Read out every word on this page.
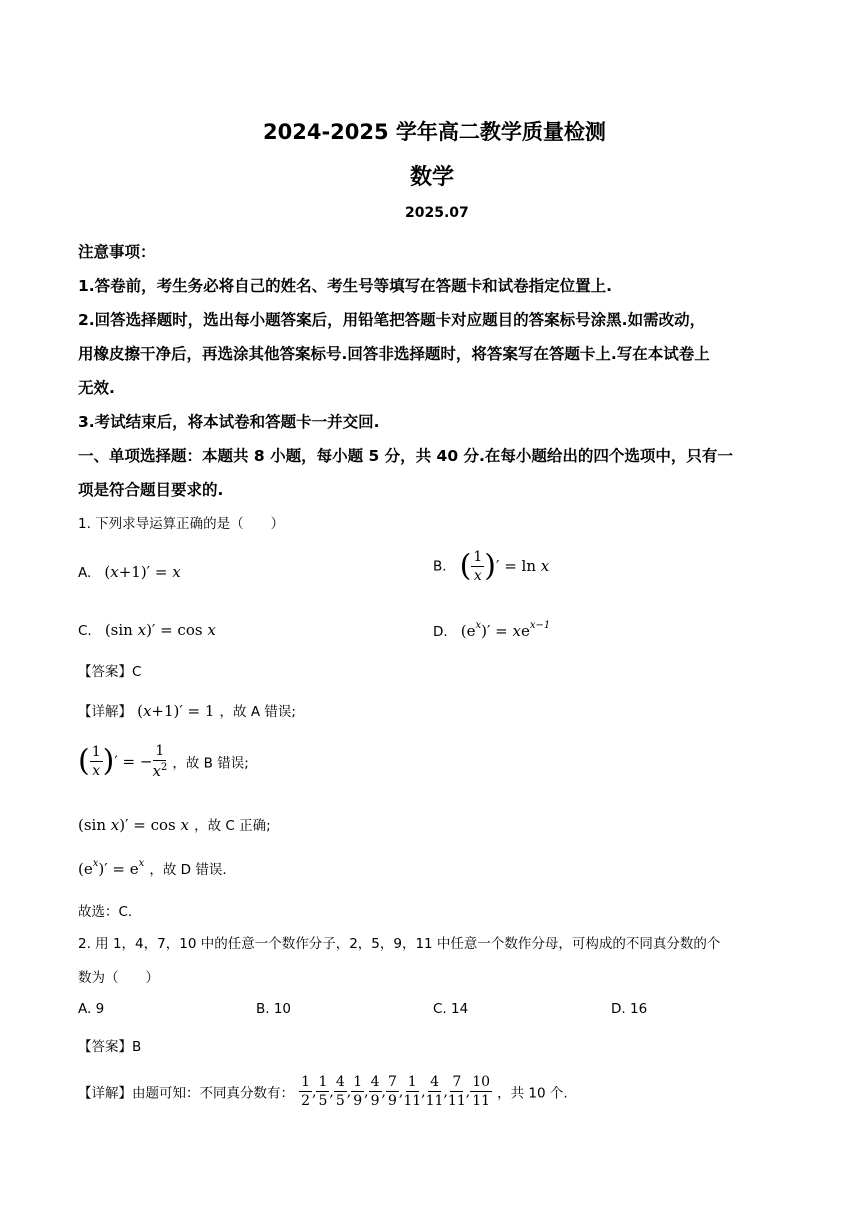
2024-2025 学年高二教学质量检测
数学
2025.07
注意事项：
1.答卷前，考生务必将自己的姓名、考生号等填写在答题卡和试卷指定位置上.
2.回答选择题时，选出每小题答案后，用铅笔把答题卡对应题目的答案标号涂黑.如需改动，
用橡皮擦干净后，再选涂其他答案标号.回答非选择题时，将答案写在答题卡上.写在本试卷上
无效.
3.考试结束后，将本试卷和答题卡一并交回.
一、单项选择题：本题共 8 小题，每小题 5 分，共 40 分.在每小题给出的四个选项中，只有一
项是符合题目要求的.
1. 下列求导运算正确的是（　　）
A. (x+1)′ = x	B. ( $\frac{1}{x}$ )′ = ln x
C. (sin x)′ = cos x	D. $(e^x)' = xe^{x-1}$
【答案】C
【详解】 (x+1)′ = 1 ，故 A 错误;
( $\frac{1}{x}$ )′ = − $\frac{1}{x^2}$ ，故 B 错误;
(sin x)′ = cos x ，故 C 正确;
$(e^x)' = e^x$ ，故 D 错误.
故选：C.
2. 用 1，4，7，10 中的任意一个数作分子，2，5，9，11 中任意一个数作分母，可构成的不同真分数的个
数为（　　）
A. 9	B. 10	C. 14	D. 16
【答案】B
【详解】由题可知：不同真分数有： $\frac{1}{2}$ , $\frac{1}{5}$ , $\frac{4}{5}$ , $\frac{1}{9}$ , $\frac{4}{9}$ , $\frac{7}{9}$ , $\frac{1}{11}$ , $\frac{4}{11}$ , $\frac{7}{11}$ , $\frac{10}{11}$ ，共 10 个.
